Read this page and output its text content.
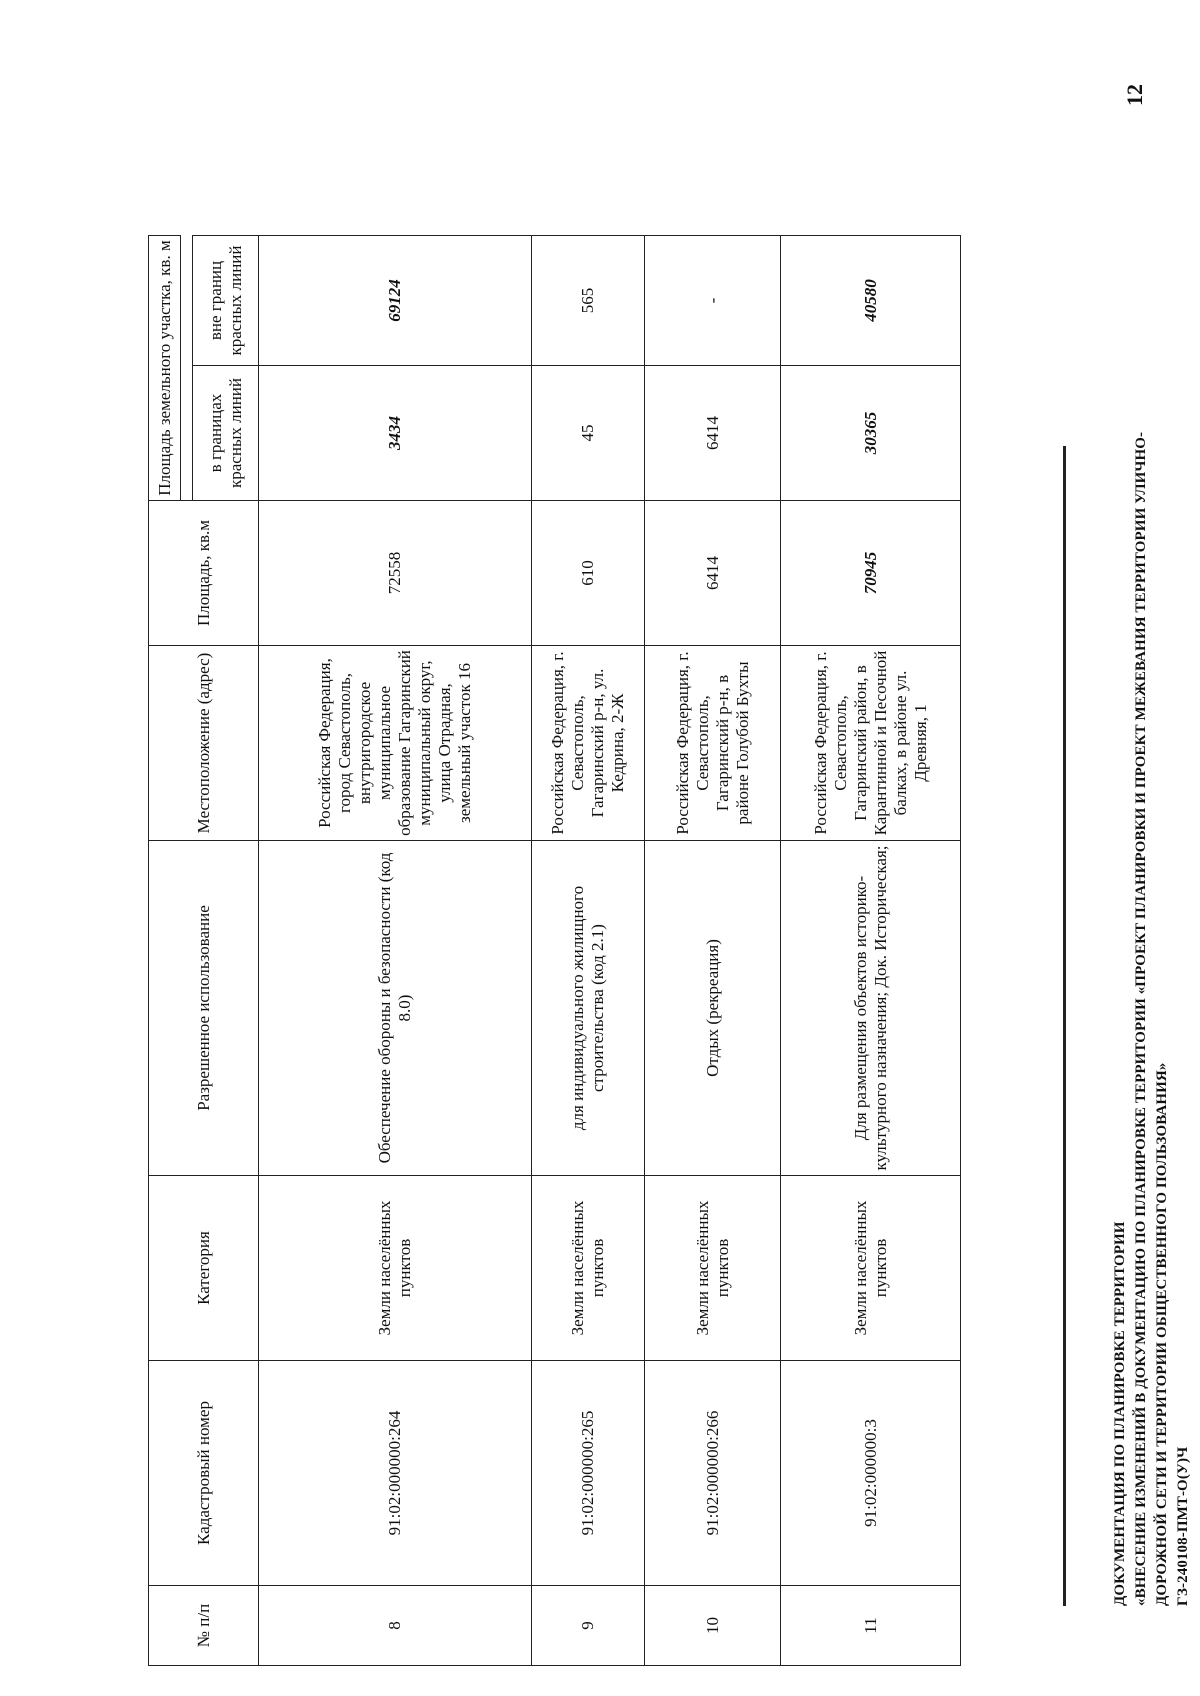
ДОКУМЕНТАЦИЯ ПО ПЛАНИРОВКЕ ТЕРРИТОРИИ «ВНЕСЕНИЕ ИЗМЕНЕНИЙ В ДОКУМЕНТАЦИЮ ПО ПЛАНИРОВКЕ ТЕРРИТОРИИ «ПРОЕКТ ПЛАНИРОВКИ И ПРОЕКТ МЕЖЕВАНИЯ ТЕРРИТОРИИ УЛИЧНО- ДОРОЖНОЙ СЕТИ И ТЕРРИТОРИИ ОБЩЕСТВЕННОГО ПОЛЬЗОВАНИЯ» ГЗ-240108-ПМТ-О(У)Ч
12
№ п/п	Кадастровый номер	Категория	Разрешенное использование	Местоположение (адрес)	Площадь, кв.м	Площадь земельного участка, кв. м	

						в границах красных линий	вне границ красных линий
8	91:02:000000:264	Земли населённых пунктов	Обеспечение обороны и безопасности (код 8.0)	Российская Федерация, город Севастополь, внутригородское муниципальное образование Гагаринский муниципальный округ, улица Отрадная, земельный участок 16	72558	3434	69124
9	91:02:000000:265	Земли населённых пунктов	для индивидуального жилищного строительства (код 2.1)	Российская Федерация, г. Севастополь, Гагаринский р-н, ул. Кедрина, 2-Ж	610	45	565
10	91:02:000000:266	Земли населённых пунктов	Отдых (рекреация)	Российская Федерация, г. Севастополь, Гагаринский р-н, в районе Голубой Бухты	6414	6414	-
11	91:02:000000:3	Земли населённых пунктов	Для размещения объектов историко-культурного назначения; Док. Историческая;	Российская Федерация, г. Севастополь, Гагаринский район, в Карантинной и Песочной балках, в районе ул. Древняя, 1	70945	30365	40580
